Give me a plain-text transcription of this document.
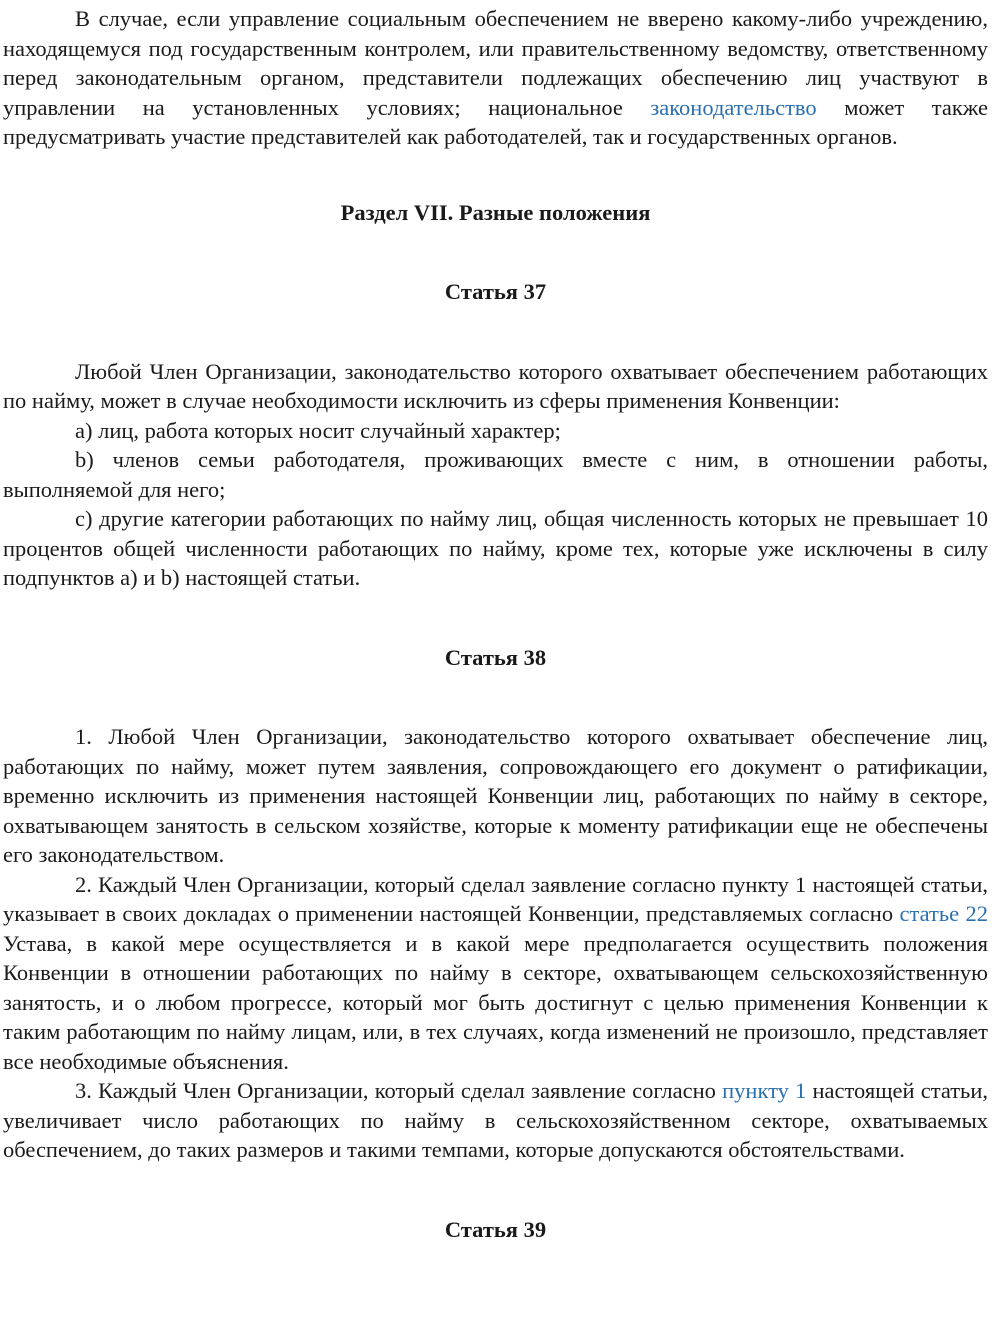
В случае, если управление социальным обеспечением не вверено какому-либо учреждению, находящемуся под государственным контролем, или правительственному ведомству, ответственному перед законодательным органом, представители подлежащих обеспечению лиц участвуют в управлении на установленных условиях; национальное законодательство может также предусматривать участие представителей как работодателей, так и государственных органов.

Раздел VII. Разные положения
Статья 37

Любой Член Организации, законодательство которого охватывает обеспечением работающих по найму, может в случае необходимости исключить из сферы применения Конвенции:

a) лиц, работа которых носит случайный характер;

b) членов семьи работодателя, проживающих вместе с ним, в отношении работы, выполняемой для него;

c) другие категории работающих по найму лиц, общая численность которых не превышает 10 процентов общей численности работающих по найму, кроме тех, которые уже исключены в силу подпунктов a) и b) настоящей статьи.

Статья 38

1. Любой Член Организации, законодательство которого охватывает обеспечение лиц, работающих по найму, может путем заявления, сопровождающего его документ о ратификации, временно исключить из применения настоящей Конвенции лиц, работающих по найму в секторе, охватывающем занятость в сельском хозяйстве, которые к моменту ратификации еще не обеспечены его законодательством.

2. Каждый Член Организации, который сделал заявление согласно пункту 1 настоящей статьи, указывает в своих докладах о применении настоящей Конвенции, представляемых согласно статье 22 Устава, в какой мере осуществляется и в какой мере предполагается осуществить положения Конвенции в отношении работающих по найму в секторе, охватывающем сельскохозяйственную занятость, и о любом прогрессе, который мог быть достигнут с целью применения Конвенции к таким работающим по найму лицам, или, в тех случаях, когда изменений не произошло, представляет все необходимые объяснения.

3. Каждый Член Организации, который сделал заявление согласно пункту 1 настоящей статьи, увеличивает число работающих по найму в сельскохозяйственном секторе, охватываемых обеспечением, до таких размеров и такими темпами, которые допускаются обстоятельствами.

Статья 39
